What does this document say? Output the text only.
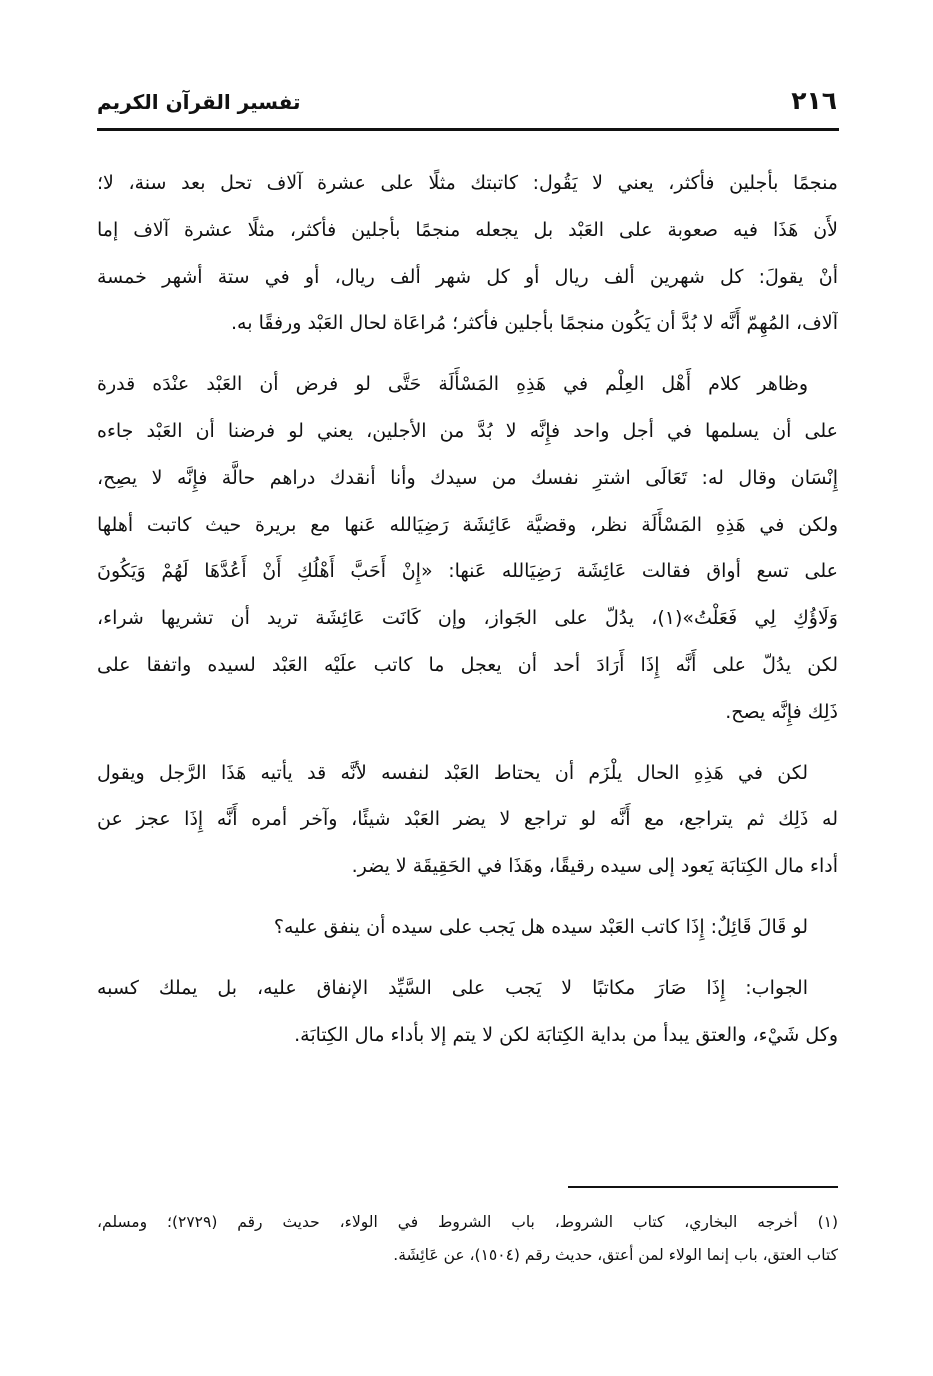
٢١٦
تفسير القرآن الكريم
منجمًا بأجلين فأكثر، يعني لا يَقُول: كاتبتك مثلًا على عشرة آلاف تحل بعد سنة، لا؛
لأَن هَذَا فيه صعوبة على العَبْد بل يجعله منجمًا بأجلين فأكثر، مثلًا عشرة آلاف إما
أنْ يقولَ: كل شهرين ألف ريال أو كل شهر ألف ريال، أو في ستة أشهر خمسة
آلاف، المُهِمّ أَنَّه لا بُدَّ أن يَكُون منجمًا بأجلين فأكثر؛ مُراعَاة لحال العَبْد ورفقًا به.
وظاهر كلام أَهْل العِلْم في هَذِهِ المَسْأَلَة حَتَّى لو فرض أن العَبْد عنْدَه قدرة
على أن يسلمها في أجل واحد فإِنَّه لا بُدَّ من الأجلين، يعني لو فرضنا أن العَبْد جاءه
إِنْسَان وقال له: تَعَالَى اشترِ نفسك من سيدك وأنا أنقدك دراهم حالَّة فإِنَّه لا يصِح،
ولكن في هَذِهِ المَسْأَلَة نظر، وقضيَّة عَائِشَة رَضِيَالله عَنها مع بريرة حيث كاتبت أهلها
على تسع أواق فقالت عَائِشَة رَضِيَالله عَنها: «إِنْ أَحَبَّ أَهْلُكِ أَنْ أَعُدَّهَا لَهُمْ وَيَكُونَ
وَلَاؤُكِ لِي فَعَلْتُ»(١)، يدُلّ على الجَواز، وإن كَانَت عَائِشَة تريد أن تشريها شراء،
لكن يدُلّ على أَنَّه إِذَا أَرَادَ أحد أن يعجل ما كاتب علَيْه العَبْد لسيده واتفقا على
ذَلِك فإِنَّه يصح.
لكن في هَذِهِ الحال يلْزَم أن يحتاط العَبْد لنفسه لأنَّه قد يأتيه هَذَا الرَّجل ويقول
له ذَلِك ثم يتراجع، مع أَنَّه لو تراجع لا يضر العَبْد شيئًا، وآخر أمره أَنَّه إِذَا عجز عن
أداء مال الكِتابَة يَعود إلى سيده رقيقًا، وهَذَا في الحَقِيقَة لا يضر.
لو قَالَ قَائِلٌ: إِذَا كاتب العَبْد سيده هل يَجب على سيده أن ينفق عليه؟
الجواب: إِذَا صَارَ مكاتبًا لا يَجب على السَّيِّد الإنفاق عليه، بل يملك كسبه
وكل شَيْء، والعتق يبدأ من بداية الكِتابَة لكن لا يتم إلا بأداء مال الكِتابَة.
(١) أخرجه البخاري، كتاب الشروط، باب الشروط في الولاء، حديث رقم (٢٧٢٩)؛ ومسلم،
كتاب العتق، باب إنما الولاء لمن أعتق، حديث رقم (١٥٠٤)، عن عَائِشَة.
